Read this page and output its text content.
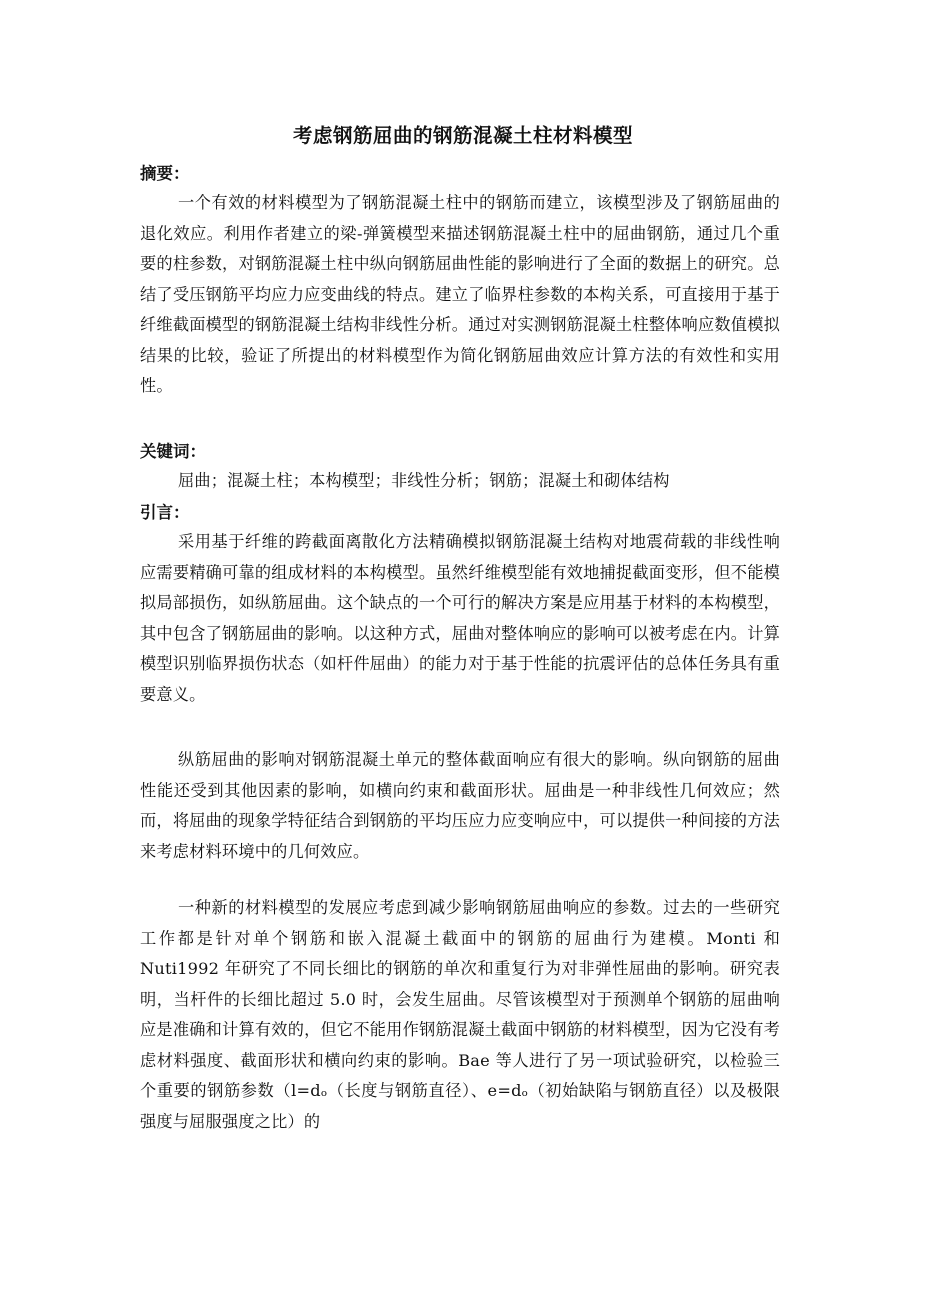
考虑钢筋屈曲的钢筋混凝土柱材料模型
摘要：

一个有效的材料模型为了钢筋混凝土柱中的钢筋而建立，该模型涉及了钢筋屈曲的退化效应。利用作者建立的梁-弹簧模型来描述钢筋混凝土柱中的屈曲钢筋，通过几个重要的柱参数，对钢筋混凝土柱中纵向钢筋屈曲性能的影响进行了全面的数据上的研究。总结了受压钢筋平均应力应变曲线的特点。建立了临界柱参数的本构关系，可直接用于基于纤维截面模型的钢筋混凝土结构非线性分析。通过对实测钢筋混凝土柱整体响应数值模拟结果的比较，验证了所提出的材料模型作为简化钢筋屈曲效应计算方法的有效性和实用性。

关键词：

屈曲；混凝土柱；本构模型；非线性分析；钢筋；混凝土和砌体结构

引言：

采用基于纤维的跨截面离散化方法精确模拟钢筋混凝土结构对地震荷载的非线性响应需要精确可靠的组成材料的本构模型。虽然纤维模型能有效地捕捉截面变形，但不能模拟局部损伤，如纵筋屈曲。这个缺点的一个可行的解决方案是应用基于材料的本构模型，其中包含了钢筋屈曲的影响。以这种方式，屈曲对整体响应的影响可以被考虑在内。计算模型识别临界损伤状态（如杆件屈曲）的能力对于基于性能的抗震评估的总体任务具有重要意义。

纵筋屈曲的影响对钢筋混凝土单元的整体截面响应有很大的影响。纵向钢筋的屈曲性能还受到其他因素的影响，如横向约束和截面形状。屈曲是一种非线性几何效应；然而，将屈曲的现象学特征结合到钢筋的平均压应力应变响应中，可以提供一种间接的方法来考虑材料环境中的几何效应。

一种新的材料模型的发展应考虑到减少影响钢筋屈曲响应的参数。过去的一些研究工作都是针对单个钢筋和嵌入混凝土截面中的钢筋的屈曲行为建模。Monti 和 Nuti1992 年研究了不同长细比的钢筋的单次和重复行为对非弹性屈曲的影响。研究表明，当杆件的长细比超过 5.0 时，会发生屈曲。尽管该模型对于预测单个钢筋的屈曲响应是准确和计算有效的，但它不能用作钢筋混凝土截面中钢筋的材料模型，因为它没有考虑材料强度、截面形状和横向约束的影响。Bae 等人进行了另一项试验研究，以检验三个重要的钢筋参数（l=dₒ（长度与钢筋直径）、e=dₒ（初始缺陷与钢筋直径）以及极限强度与屈服强度之比）的
